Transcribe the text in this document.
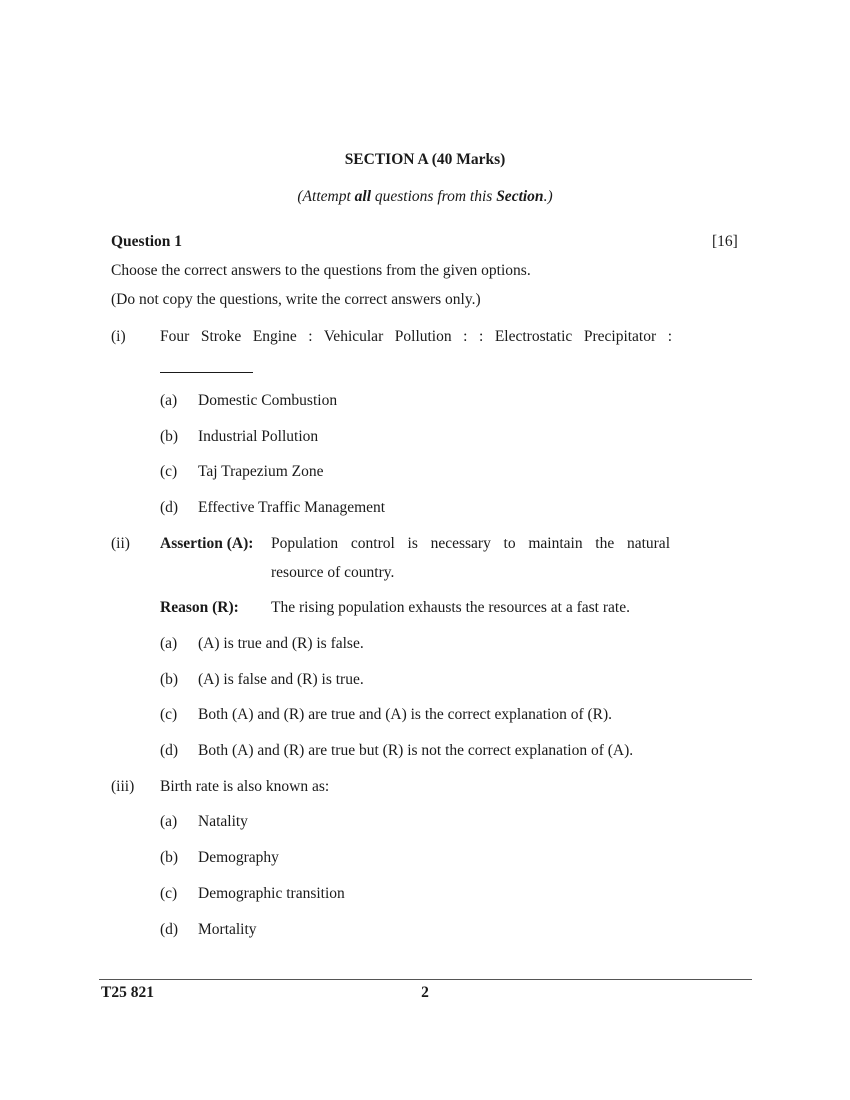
SECTION A (40 Marks)
(Attempt all questions from this Section.)
Question 1	[16]
Choose the correct answers to the questions from the given options.
(Do not copy the questions, write the correct answers only.)
(i) Four Stroke Engine : Vehicular Pollution : : Electrostatic Precipitator :
(a) Domestic Combustion
(b) Industrial Pollution
(c) Taj Trapezium Zone
(d) Effective Traffic Management
(ii) Assertion (A): Population control is necessary to maintain the natural
resource of country.
Reason (R): The rising population exhausts the resources at a fast rate.
(a) (A) is true and (R) is false.
(b) (A) is false and (R) is true.
(c) Both (A) and (R) are true and (A) is the correct explanation of (R).
(d) Both (A) and (R) are true but (R) is not the correct explanation of (A).
(iii) Birth rate is also known as:
(a) Natality
(b) Demography
(c) Demographic transition
(d) Mortality
T25 821	2
